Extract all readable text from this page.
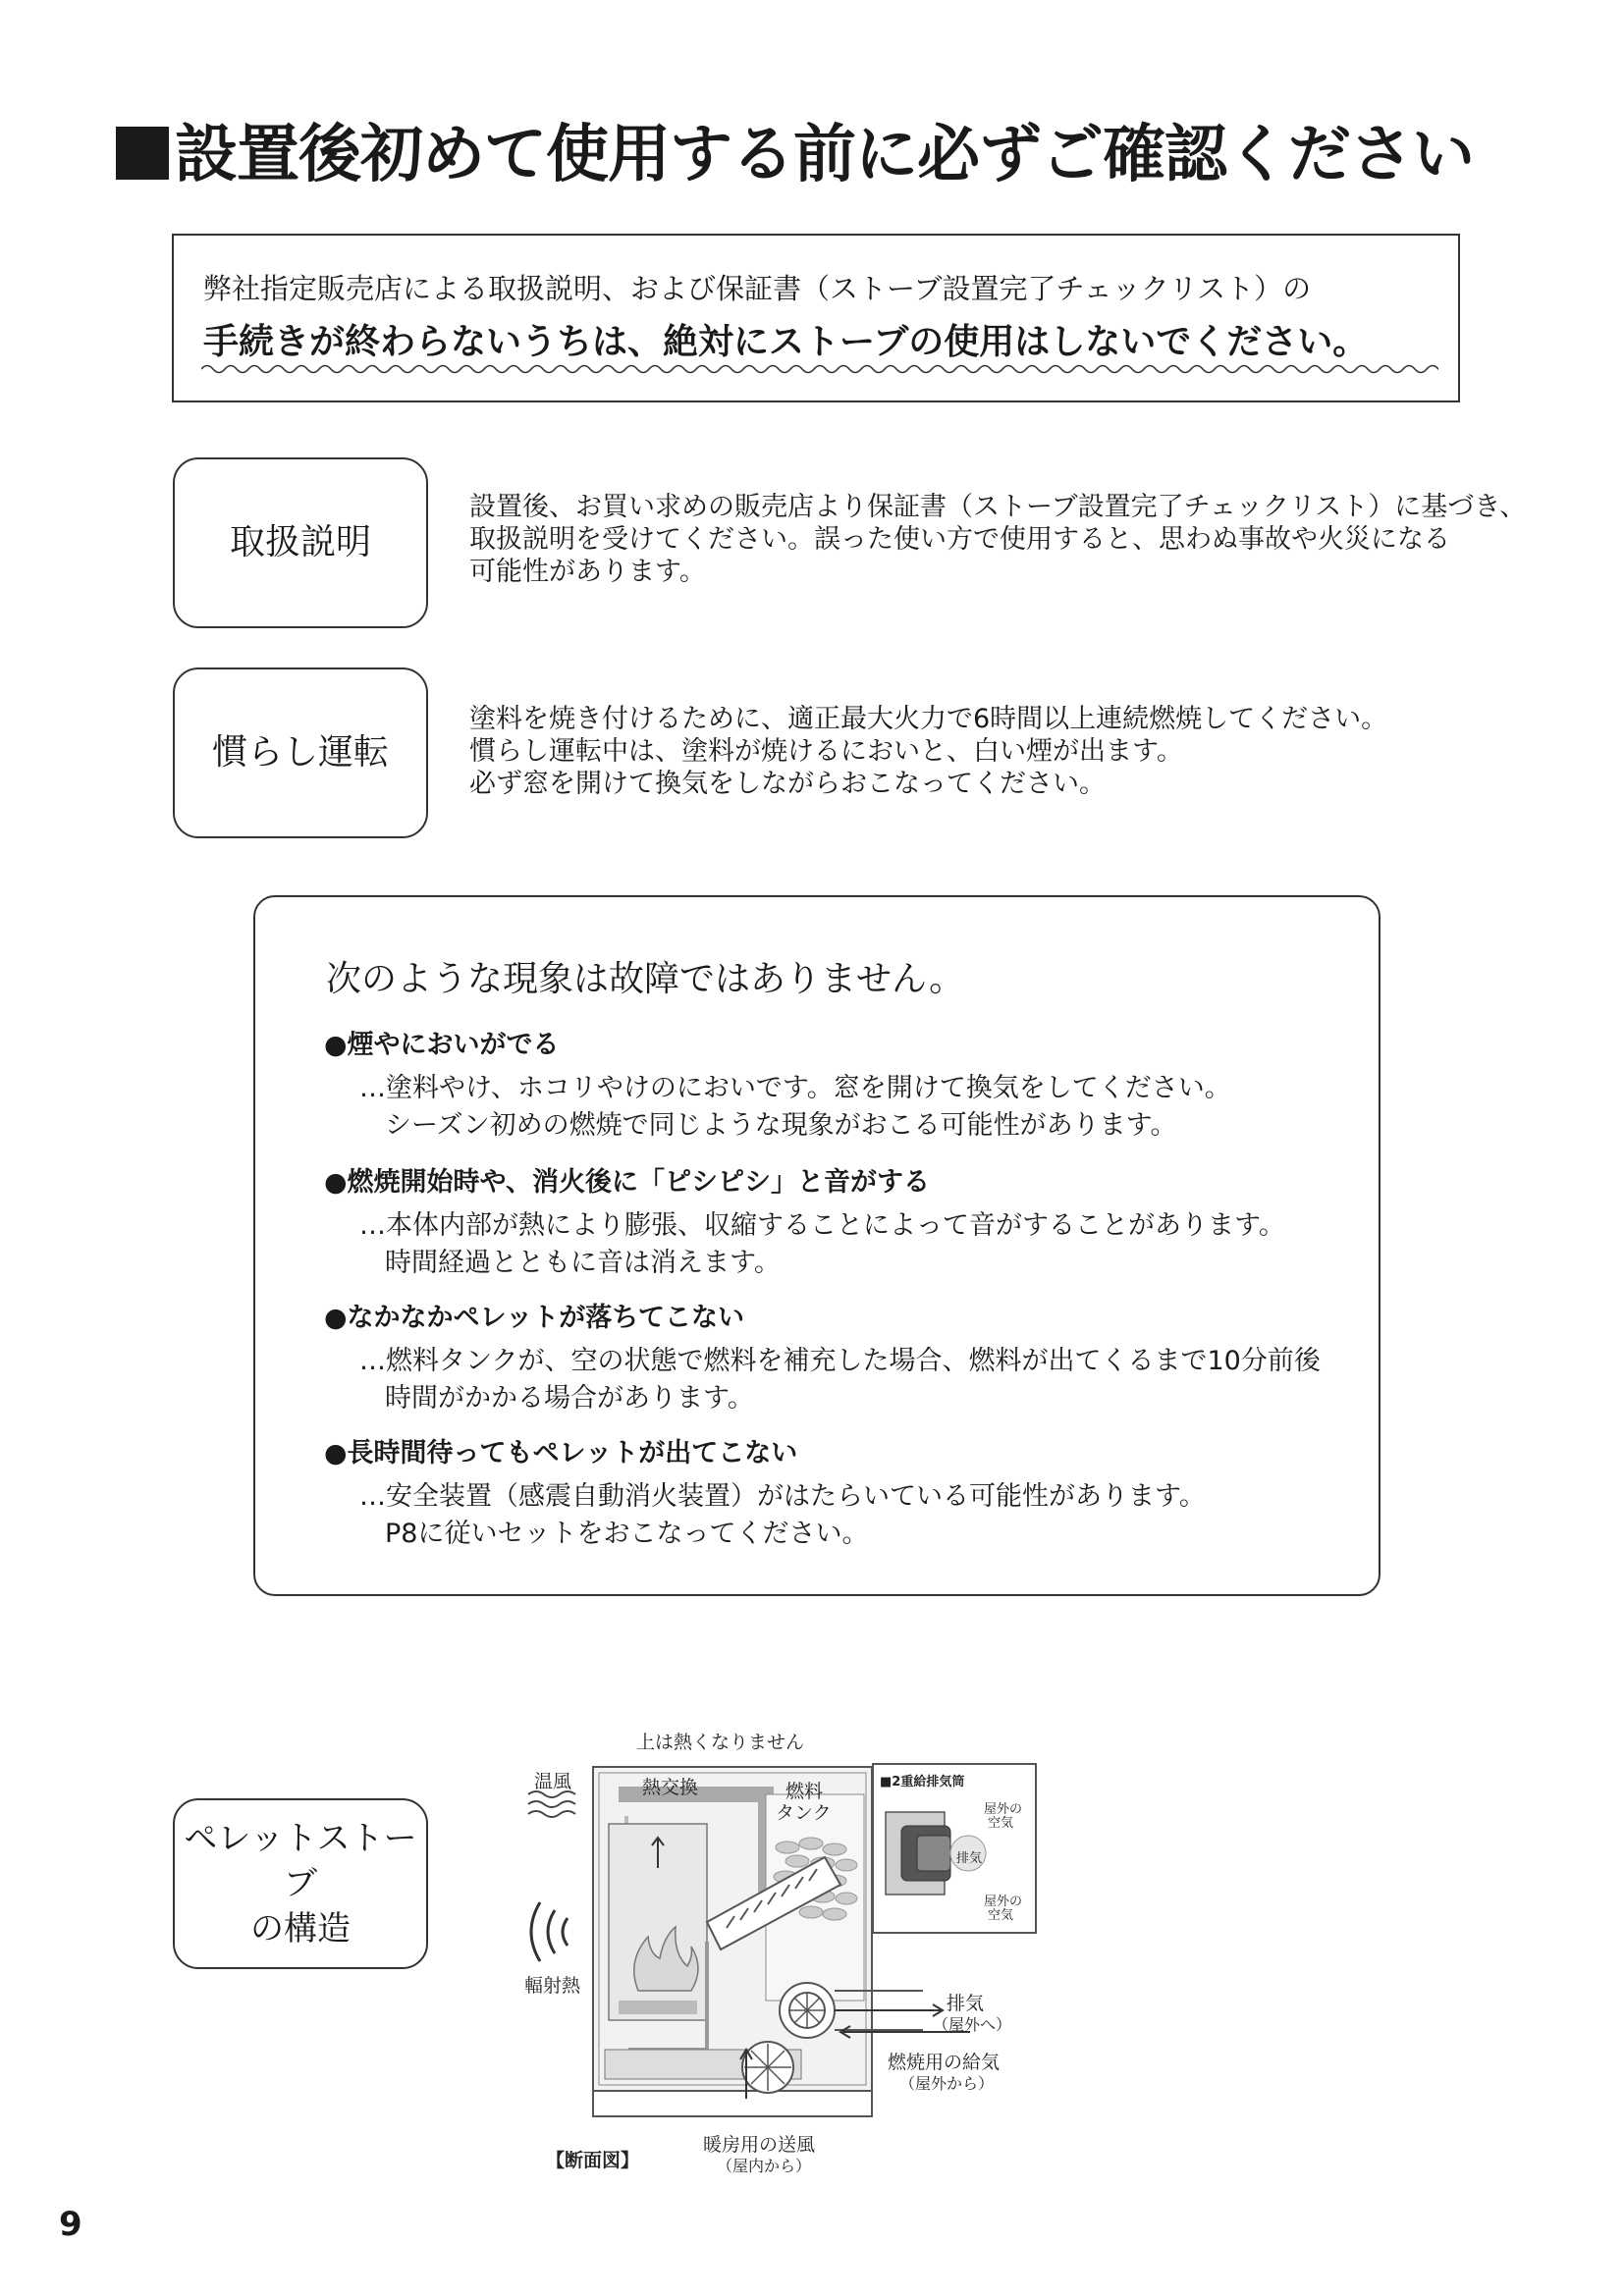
設置後初めて使用する前に必ずご確認ください
弊社指定販売店による取扱説明、および保証書（ストーブ設置完了チェックリスト）の
手続きが終わらないうちは、絶対にストーブの使用はしないでください。
取扱説明
設置後、お買い求めの販売店より保証書（ストーブ設置完了チェックリスト）に基づき、
取扱説明を受けてください。誤った使い方で使用すると、思わぬ事故や火災になる
可能性があります。
慣らし運転
塗料を焼き付けるために、適正最大火力で6時間以上連続燃焼してください。
慣らし運転中は、塗料が焼けるにおいと、白い煙が出ます。
必ず窓を開けて換気をしながらおこなってください。
次のような現象は故障ではありません。
●煙やにおいがでる
…塗料やけ、ホコリやけのにおいです。窓を開けて換気をしてください。
シーズン初めの燃焼で同じような現象がおこる可能性があります。
●燃焼開始時や、消火後に「ピシピシ」と音がする
…本体内部が熱により膨張、収縮することによって音がすることがあります。
時間経過とともに音は消えます。
●なかなかペレットが落ちてこない
…燃料タンクが、空の状態で燃料を補充した場合、燃料が出てくるまで10分前後
時間がかかる場合があります。
●長時間待ってもペレットが出てこない
…安全装置（感震自動消火装置）がはたらいている可能性があります。
P8に従いセットをおこなってください。
ペレットストーブ
の構造
■2重給排気筒
屋外の
空気
排気
屋外の
空気
上は熱くなりません
温風	熱交換	燃料
タンク
輻射熱
排気
（屋外へ）
燃焼用の給気
（屋外から）
暖房用の送風
（屋内から）
【断面図】
9
